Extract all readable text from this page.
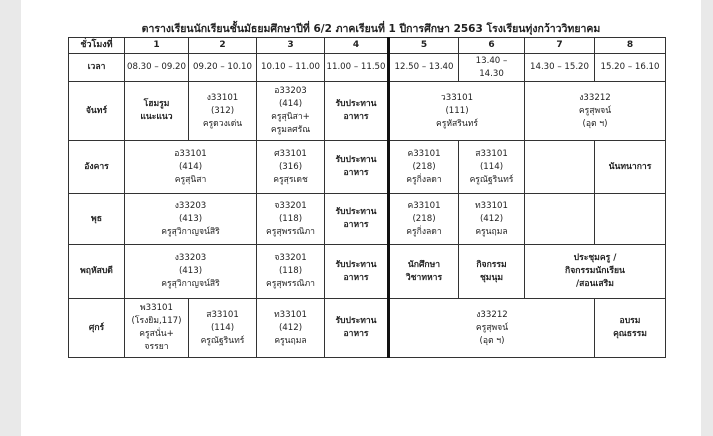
ตารางเรียนนักเรียนชั้นมัธยมศึกษาปีที่ 6/2 ภาคเรียนที่ 1 ปีการศึกษา 2563 โรงเรียนทุ่งกว้าววิทยาคม
ชั่วโมงที่	1	2	3	4	5	6	7	8
เวลา	08.30 – 09.20	09.20 – 10.10	10.10 – 11.00	11.00 – 11.50	12.50 – 13.40	13.40 –
14.30	14.30 – 15.20	15.20 – 16.10
จันทร์	โฮมรูม
แนะแนว	ง33101
(312)
ครูดวงเด่น	อ33203
(414)
ครูสุนิสา+
ครูมลศรัณ	รับประทาน
อาหาร	ว33101
(111)
ครูหัสรินทร์		ง33212
ครูสุพจน์
(อุต ฯ)	

อังคาร	อ33101
(414)
ครูสุนิสา		ศ33101
(316)
ครูสุรเดช	รับประทาน
อาหาร	ค33101
(218)
ครูกิ่งลดา	ส33101
(114)
ครูณัฐรินทร์		นันทนาการ

พุธ	ง33203
(413)
ครูสุวิกาญจน์สิริ		จ33201
(118)
ครูสุพรรณิภา	รับประทาน
อาหาร	ค33101
(218)
ครูกิ่งลดา	ท33101
(412)
ครูนฤมล		

พฤหัสบดี	ง33203
(413)
ครูสุวิกาญจน์สิริ		จ33201
(118)
ครูสุพรรณิภา	รับประทาน
อาหาร	นักศึกษา
วิชาทหาร	กิจกรรม
ชุมนุม	ประชุมครู /
กิจกรรมนักเรียน
/สอนเสริม	

ศุกร์	พ33101
(โรงยิม,117)
ครูสนั่น+
จรรยา	ส33101
(114)
ครูณัฐรินทร์	ท33101
(412)
ครูนฤมล	รับประทาน
อาหาร	ง33212
ครูสุพจน์
(อุต ฯ)			อบรม
คุณธรรม
